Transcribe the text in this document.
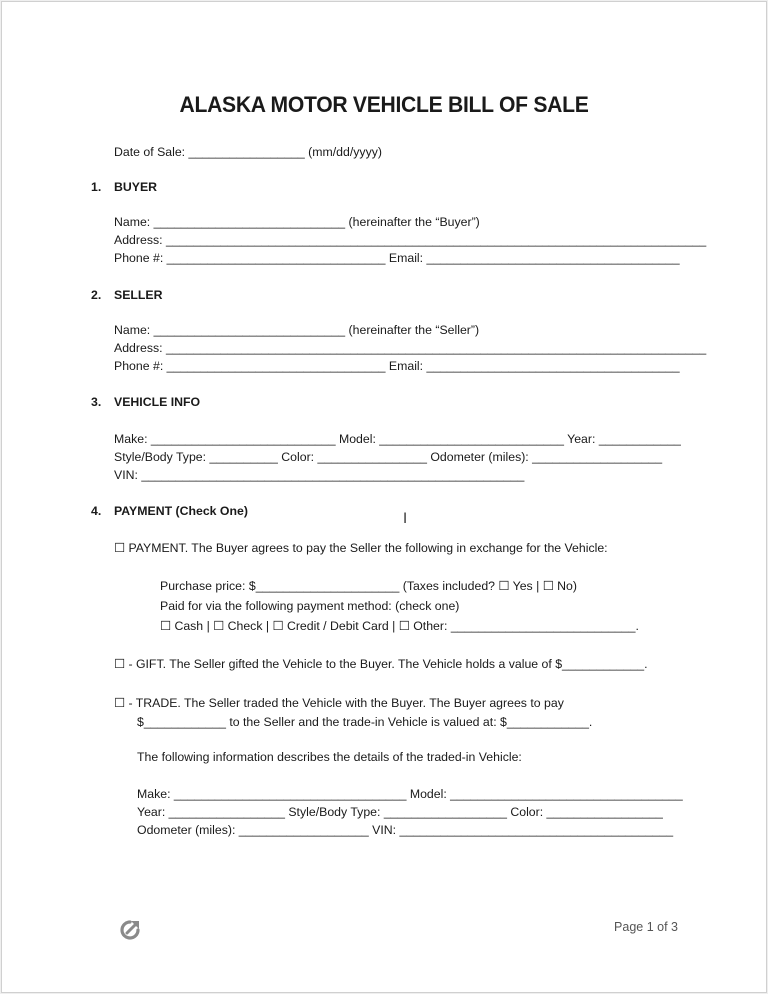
ALASKA MOTOR VEHICLE BILL OF SALE
Date of Sale: _________________ (mm/dd/yyyy)
1. BUYER
Name: ____________________________ (hereinafter the “Buyer”)
Address: _______________________________________________________________________________
Phone #: ________________________________ Email: _____________________________________
2. SELLER
Name: ____________________________ (hereinafter the “Seller”)
Address: _______________________________________________________________________________
Phone #: ________________________________ Email: _____________________________________
3. VEHICLE INFO
Make: ___________________________ Model: ___________________________ Year: ____________
Style/Body Type: __________ Color: ________________ Odometer (miles): ___________________
VIN: ________________________________________________________
4. PAYMENT (Check One)	I
☐ PAYMENT. The Buyer agrees to pay the Seller the following in exchange for the Vehicle:
Purchase price: $_____________________ (Taxes included? ☐ Yes | ☐ No)
Paid for via the following payment method: (check one)
☐ Cash | ☐ Check | ☐ Credit / Debit Card | ☐ Other: ___________________________.
☐ - GIFT. The Seller gifted the Vehicle to the Buyer. The Vehicle holds a value of $____________.
☐ - TRADE. The Seller traded the Vehicle with the Buyer. The Buyer agrees to pay
$____________ to the Seller and the trade-in Vehicle is valued at: $____________.
The following information describes the details of the traded-in Vehicle:
Make: __________________________________ Model: __________________________________
Year: _________________ Style/Body Type: __________________ Color: _________________
Odometer (miles): ___________________ VIN: ________________________________________
Page 1 of 3
